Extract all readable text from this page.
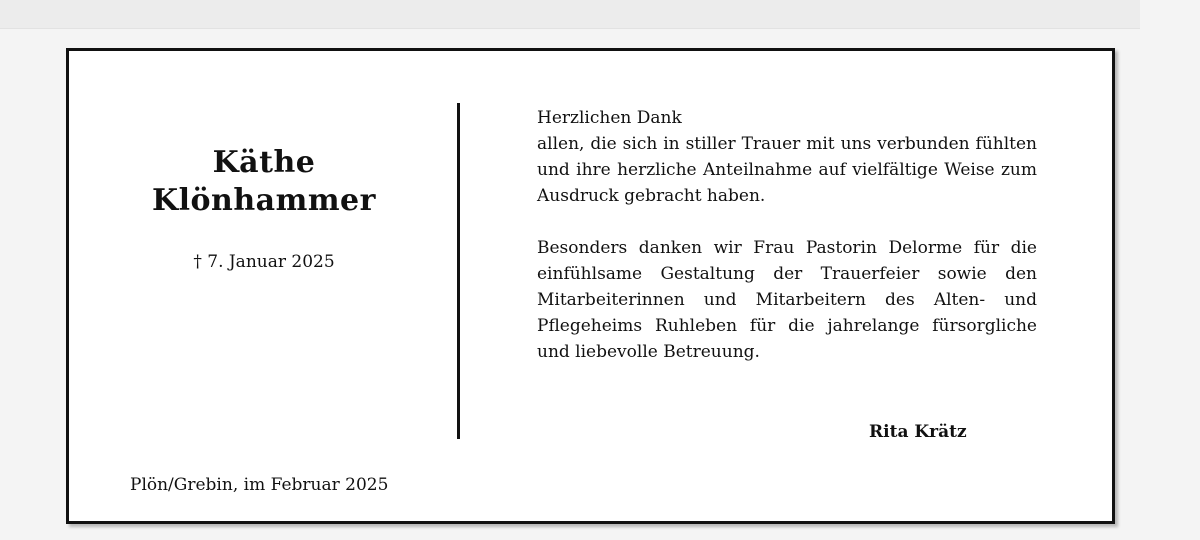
Käthe
Klönhammer
† 7. Januar 2025
Herzlichen Dank

allen, die sich in stiller Trauer mit uns verbunden fühlten und ihre herzliche Anteilnahme auf vielfältige Weise zum Ausdruck gebracht haben.

Besonders danken wir Frau Pastorin Delorme für die einfühlsame Gestaltung der Trauerfeier sowie den Mitarbeiterinnen und Mitarbeitern des Alten- und Pflegeheims Ruhleben für die jahrelange fürsorgliche und liebevolle Betreuung.

Rita Krätz
Plön/Grebin, im Februar 2025
